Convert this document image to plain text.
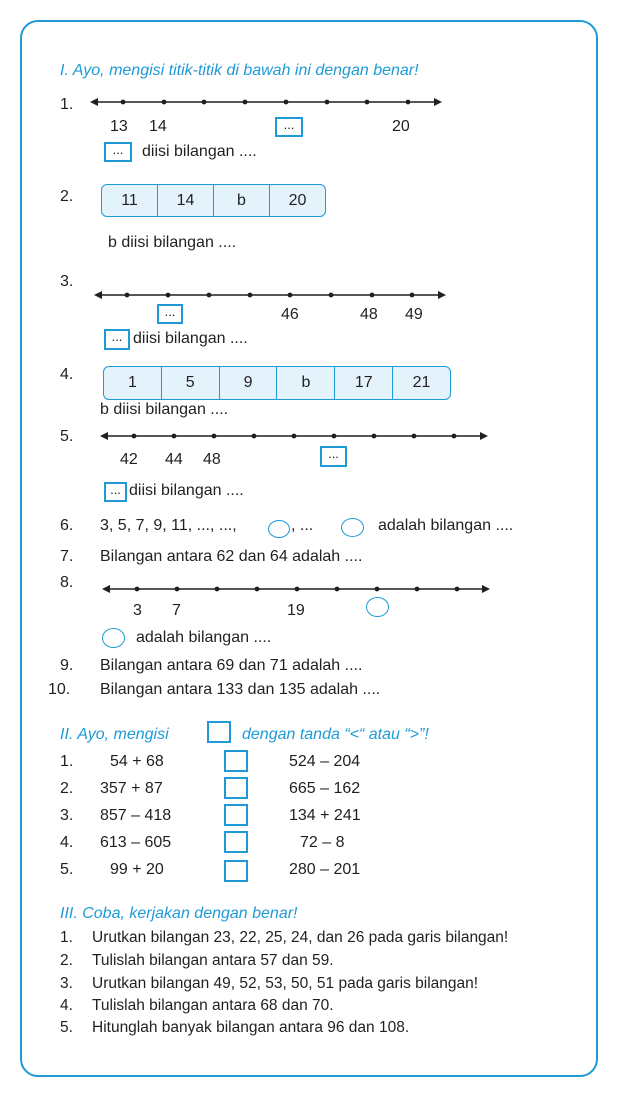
I. Ayo, mengisi titik-titik di bawah ini dengan benar!
1.
13 14	...	20
...	diisi bilangan ....
2.	11	14	b	20
b diisi bilangan ....
3.
...	46	48 49
... diisi bilangan ....
4.	1	5	9	b	17	21
b diisi bilangan ....
5.
42 44 48	...
... diisi bilangan ....
6. 3, 5, 7, 9, 11, ..., ...,	, ...	adalah bilangan ....
7. Bilangan antara 62 dan 64 adalah ....
8.
3 7	19
adalah bilangan ....
9. Bilangan antara 69 dan 71 adalah ....
10. Bilangan antara 133 dan 135 adalah ....
II. Ayo, mengisi	dengan tanda “<“ atau “>”!
1. 54 + 68	524 – 204
2. 357 + 87	665 – 162
3. 857 – 418	134 + 241
4. 613 – 605	72 – 8
5. 99 + 20	280 – 201
III. Coba, kerjakan dengan benar!
1. Urutkan bilangan 23, 22, 25, 24, dan 26 pada garis bilangan!
2. Tulislah bilangan antara 57 dan 59.
3. Urutkan bilangan 49, 52, 53, 50, 51 pada garis bilangan!
4. Tulislah bilangan antara 68 dan 70.
5. Hitunglah banyak bilangan antara 96 dan 108.
